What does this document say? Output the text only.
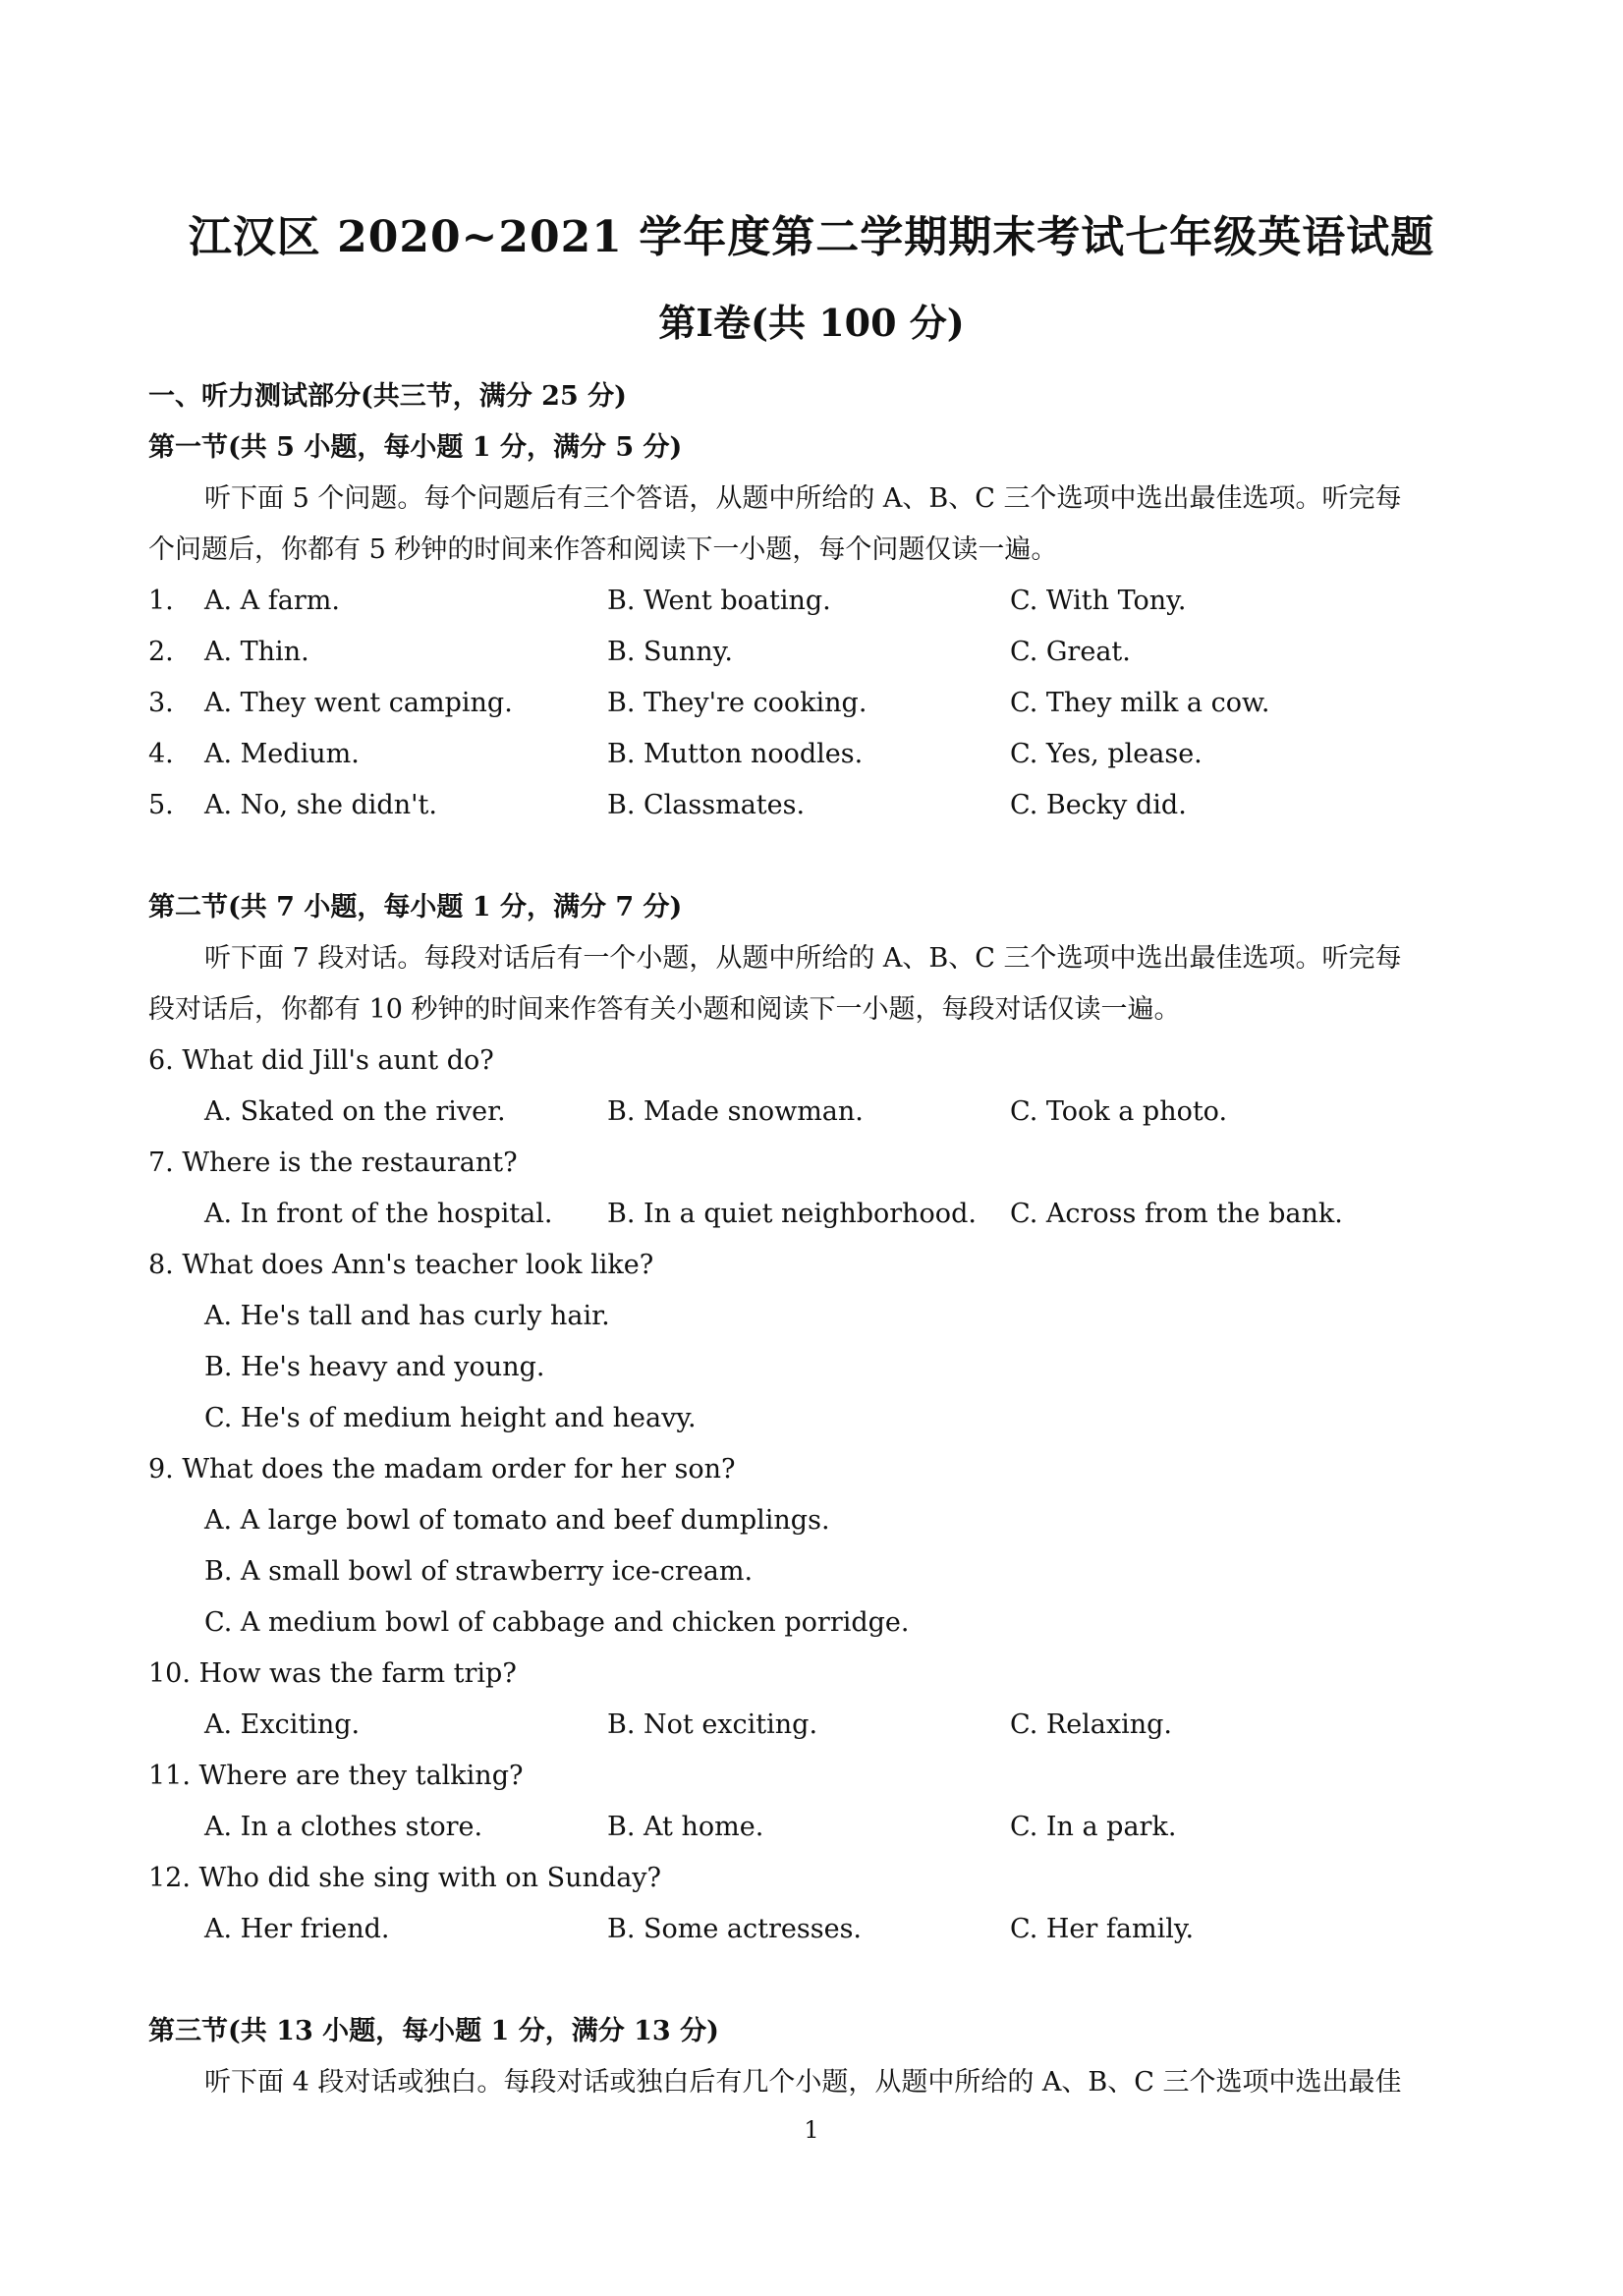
江汉区 2020~2021 学年度第二学期期末考试七年级英语试题
第Ⅰ卷(共 100 分)
一、听力测试部分(共三节，满分 25 分)
第一节(共 5 小题，每小题 1 分，满分 5 分)
听下面 5 个问题。每个问题后有三个答语，从题中所给的 A、B、C 三个选项中选出最佳选项。听完每
个问题后，你都有 5 秒钟的时间来作答和阅读下一小题，每个问题仅读一遍。
1. A. A farm.	B. Went boating.	C. With Tony.
2. A. Thin.	B. Sunny.	C. Great.
3. A. They went camping.	B. They're cooking.	C. They milk a cow.
4. A. Medium.	B. Mutton noodles.	C. Yes, please.
5. A. No, she didn't.	B. Classmates.	C. Becky did.
第二节(共 7 小题，每小题 1 分，满分 7 分)
听下面 7 段对话。每段对话后有一个小题，从题中所给的 A、B、C 三个选项中选出最佳选项。听完每
段对话后，你都有 10 秒钟的时间来作答有关小题和阅读下一小题，每段对话仅读一遍。
6. What did Jill's aunt do?
A. Skated on the river.	B. Made snowman.	C. Took a photo.
7. Where is the restaurant?
A. In front of the hospital. B. In a quiet neighborhood. C. Across from the bank.
8. What does Ann's teacher look like?
A. He's tall and has curly hair.
B. He's heavy and young.
C. He's of medium height and heavy.
9. What does the madam order for her son?
A. A large bowl of tomato and beef dumplings.
B. A small bowl of strawberry ice-cream.
C. A medium bowl of cabbage and chicken porridge.
10. How was the farm trip?
A. Exciting.	B. Not exciting.	C. Relaxing.
11. Where are they talking?
A. In a clothes store.	B. At home.	C. In a park.
12. Who did she sing with on Sunday?
A. Her friend.	B. Some actresses.	C. Her family.
第三节(共 13 小题，每小题 1 分，满分 13 分)
听下面 4 段对话或独白。每段对话或独白后有几个小题，从题中所给的 A、B、C 三个选项中选出最佳
1
